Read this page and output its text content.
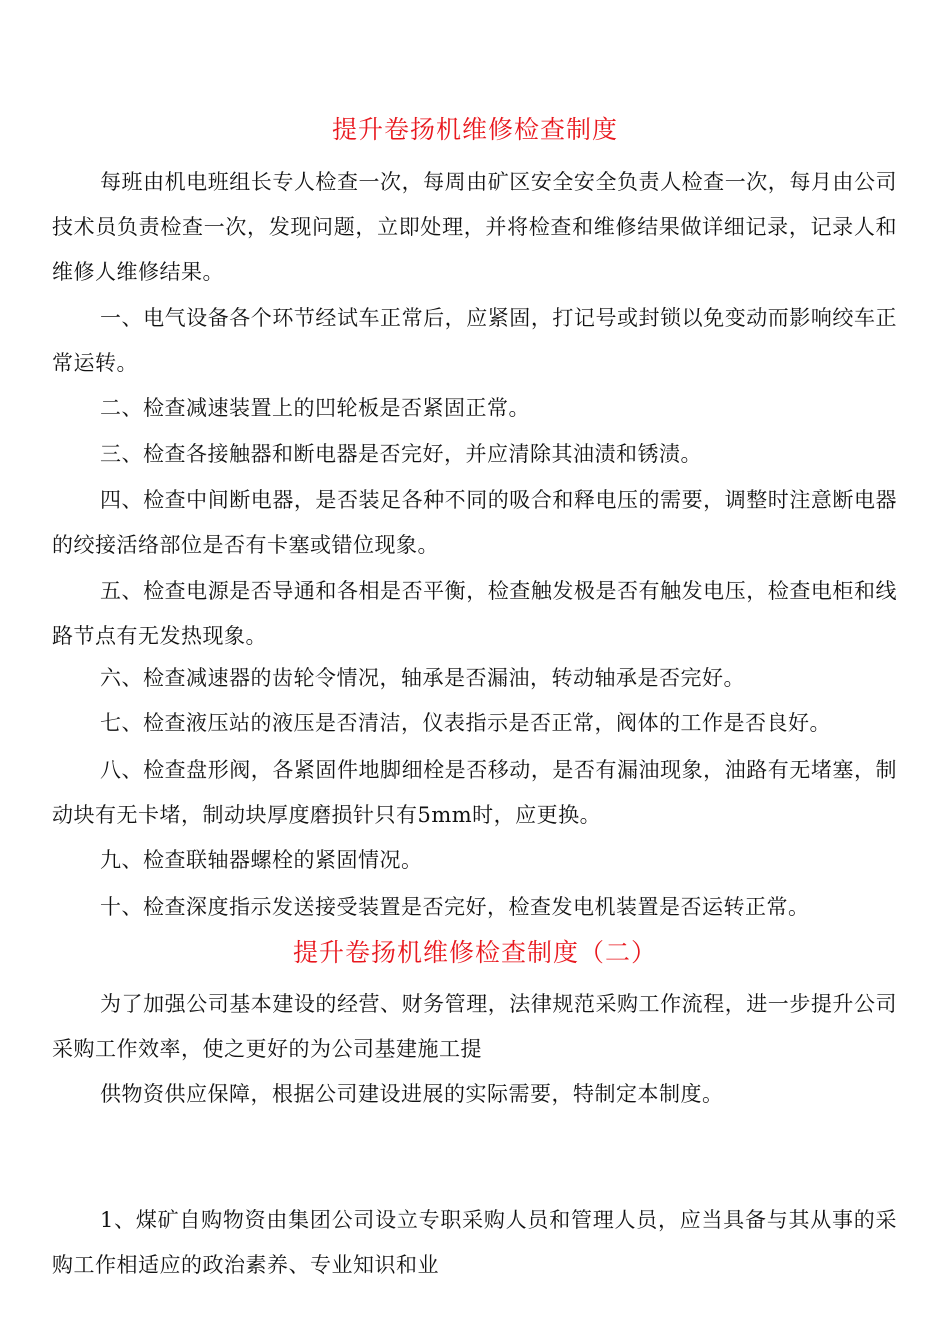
提升卷扬机维修检查制度
每班由机电班组长专人检查一次，每周由矿区安全安全负责人检查一次，每月由公司技术员负责检查一次，发现问题，立即处理，并将检查和维修结果做详细记录，记录人和维修人维修结果。
一、电气设备各个环节经试车正常后，应紧固，打记号或封锁以免变动而影响绞车正常运转。
二、检查减速装置上的凹轮板是否紧固正常。
三、检查各接触器和断电器是否完好，并应清除其油渍和锈渍。
四、检查中间断电器，是否装足各种不同的吸合和释电压的需要，调整时注意断电器的绞接活络部位是否有卡塞或错位现象。
五、检查电源是否导通和各相是否平衡，检查触发极是否有触发电压，检查电柜和线路节点有无发热现象。
六、检查减速器的齿轮令情况，轴承是否漏油，转动轴承是否完好。
七、检查液压站的液压是否清洁，仪表指示是否正常，阀体的工作是否良好。
八、检查盘形阀，各紧固件地脚细栓是否移动，是否有漏油现象，油路有无堵塞，制动块有无卡堵，制动块厚度磨损针只有5mm时，应更换。
九、检查联轴器螺栓的紧固情况。
十、检查深度指示发送接受装置是否完好，检查发电机装置是否运转正常。
提升卷扬机维修检查制度（二）
为了加强公司基本建设的经营、财务管理，法律规范采购工作流程，进一步提升公司采购工作效率，使之更好的为公司基建施工提
供物资供应保障，根据公司建设进展的实际需要，特制定本制度。
1、煤矿自购物资由集团公司设立专职采购人员和管理人员，应当具备与其从事的采购工作相适应的政治素养、专业知识和业
